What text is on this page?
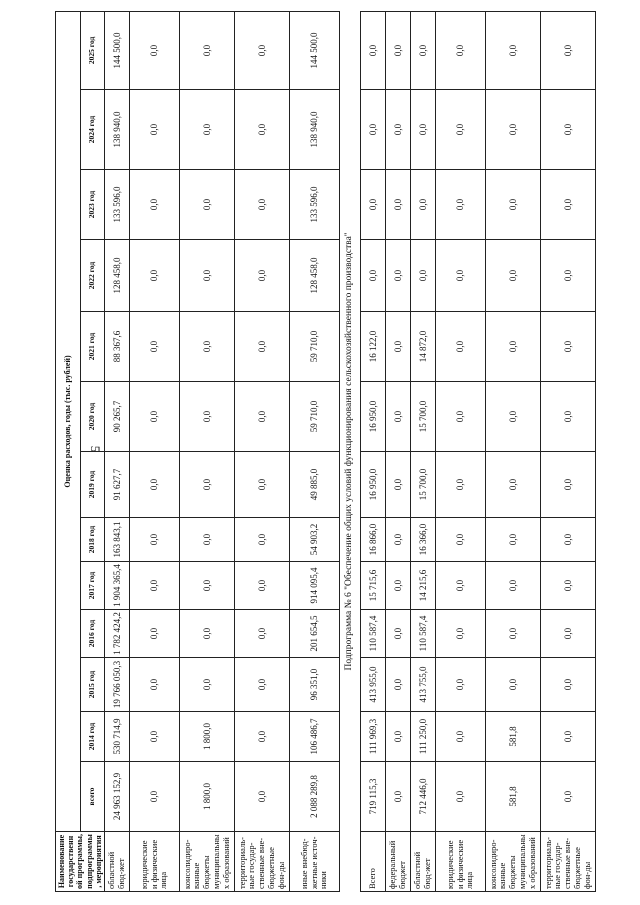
5
Наименование государственной программы, подпрограммы, мероприятия	Оценка расходов, годы (тыс. рублей)												
	всего	2014 год	2015 год	2016 год	2017 год	2018 год	2019 год	2020 год	2021 год	2022 год	2023 год	2024 год	2025 год
областной бюд-жет	24 963 152,9	530 714,9	19 766 050,3	1 782 424,2	1 904 365,4	163 843,1	91 627,7	90 265,7	88 367,6	128 458,0	133 596,0	138 940,0	144 500,0
юридические и физические лица	0,0	0,0	0,0	0,0	0,0	0,0	0,0	0,0	0,0	0,0	0,0	0,0	0,0
консолидиро-ванные бюджеты муниципальных образований	1 800,0	1 800,0	0,0	0,0	0,0	0,0	0,0	0,0	0,0	0,0	0,0	0,0	0,0
территориаль-ные государ-ственные вне-бюджетные фон-ды	0,0	0,0	0,0	0,0	0,0	0,0	0,0	0,0	0,0	0,0	0,0	0,0	0,0
иные внебюд-жетные источ-ники	2 088 289,8	106 486,7	96 351,0	201 654,5	914 095,4	54 903,2	49 885,0	59 710,0	59 710,0	128 458,0	133 596,0	138 940,0	144 500,0
Подпрограмма № 6 "Обеспечение общих условий функционирования сельскохозяйственного производства"													
Всего	719 115,3	111 969,3	413 955,0	110 587,4	15 715,6	16 866,0	16 950,0	16 950,0	16 122,0	0,0	0,0	0,0	0,0
федеральный бюджет	0,0	0,0	0,0	0,0	0,0	0,0	0,0	0,0	0,0	0,0	0,0	0,0	0,0
областной бюд-жет	712 446,0	111 250,0	413 755,0	110 587,4	14 215,6	16 366,0	15 700,0	15 700,0	14 872,0	0,0	0,0	0,0	0,0
юридические и физические лица	0,0	0,0	0,0	0,0	0,0	0,0	0,0	0,0	0,0	0,0	0,0	0,0	0,0
консолидиро-ванные бюджеты муниципальных образований	581,8	581,8	0,0	0,0	0,0	0,0	0,0	0,0	0,0	0,0	0,0	0,0	0,0
территориаль-ные государ-ственные вне-бюджетные фон-ды	0,0	0,0	0,0	0,0	0,0	0,0	0,0	0,0	0,0	0,0	0,0	0,0	0,0
